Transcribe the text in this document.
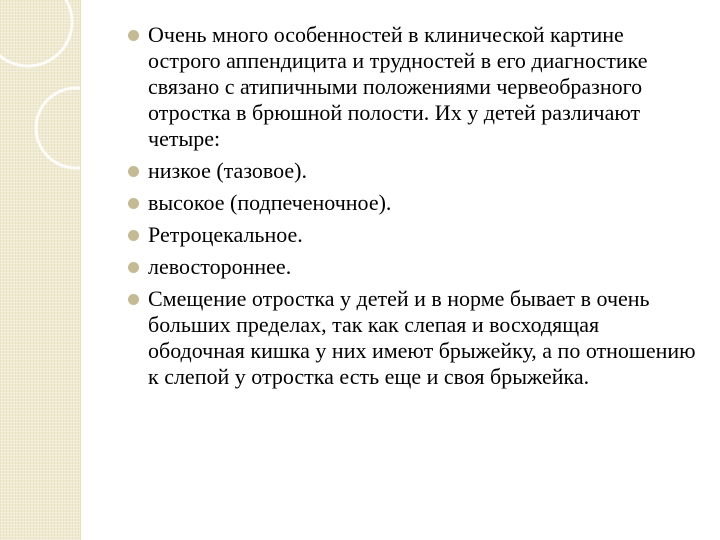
Очень много особенностей в клинической картине острого аппендицита и трудностей в его диагностике связано с атипичными положениями червеобразного отростка в брюшной полости. Их у детей различают четыре:
низкое (тазовое).
высокое (подпеченочное).
Ретроцекальное.
левостороннее.
Смещение отростка у детей и в норме бывает в очень больших пределах, так как слепая и восходящая ободочная кишка у них имеют брыжейку, а по отношению к слепой у отростка есть еще и своя брыжейка.
